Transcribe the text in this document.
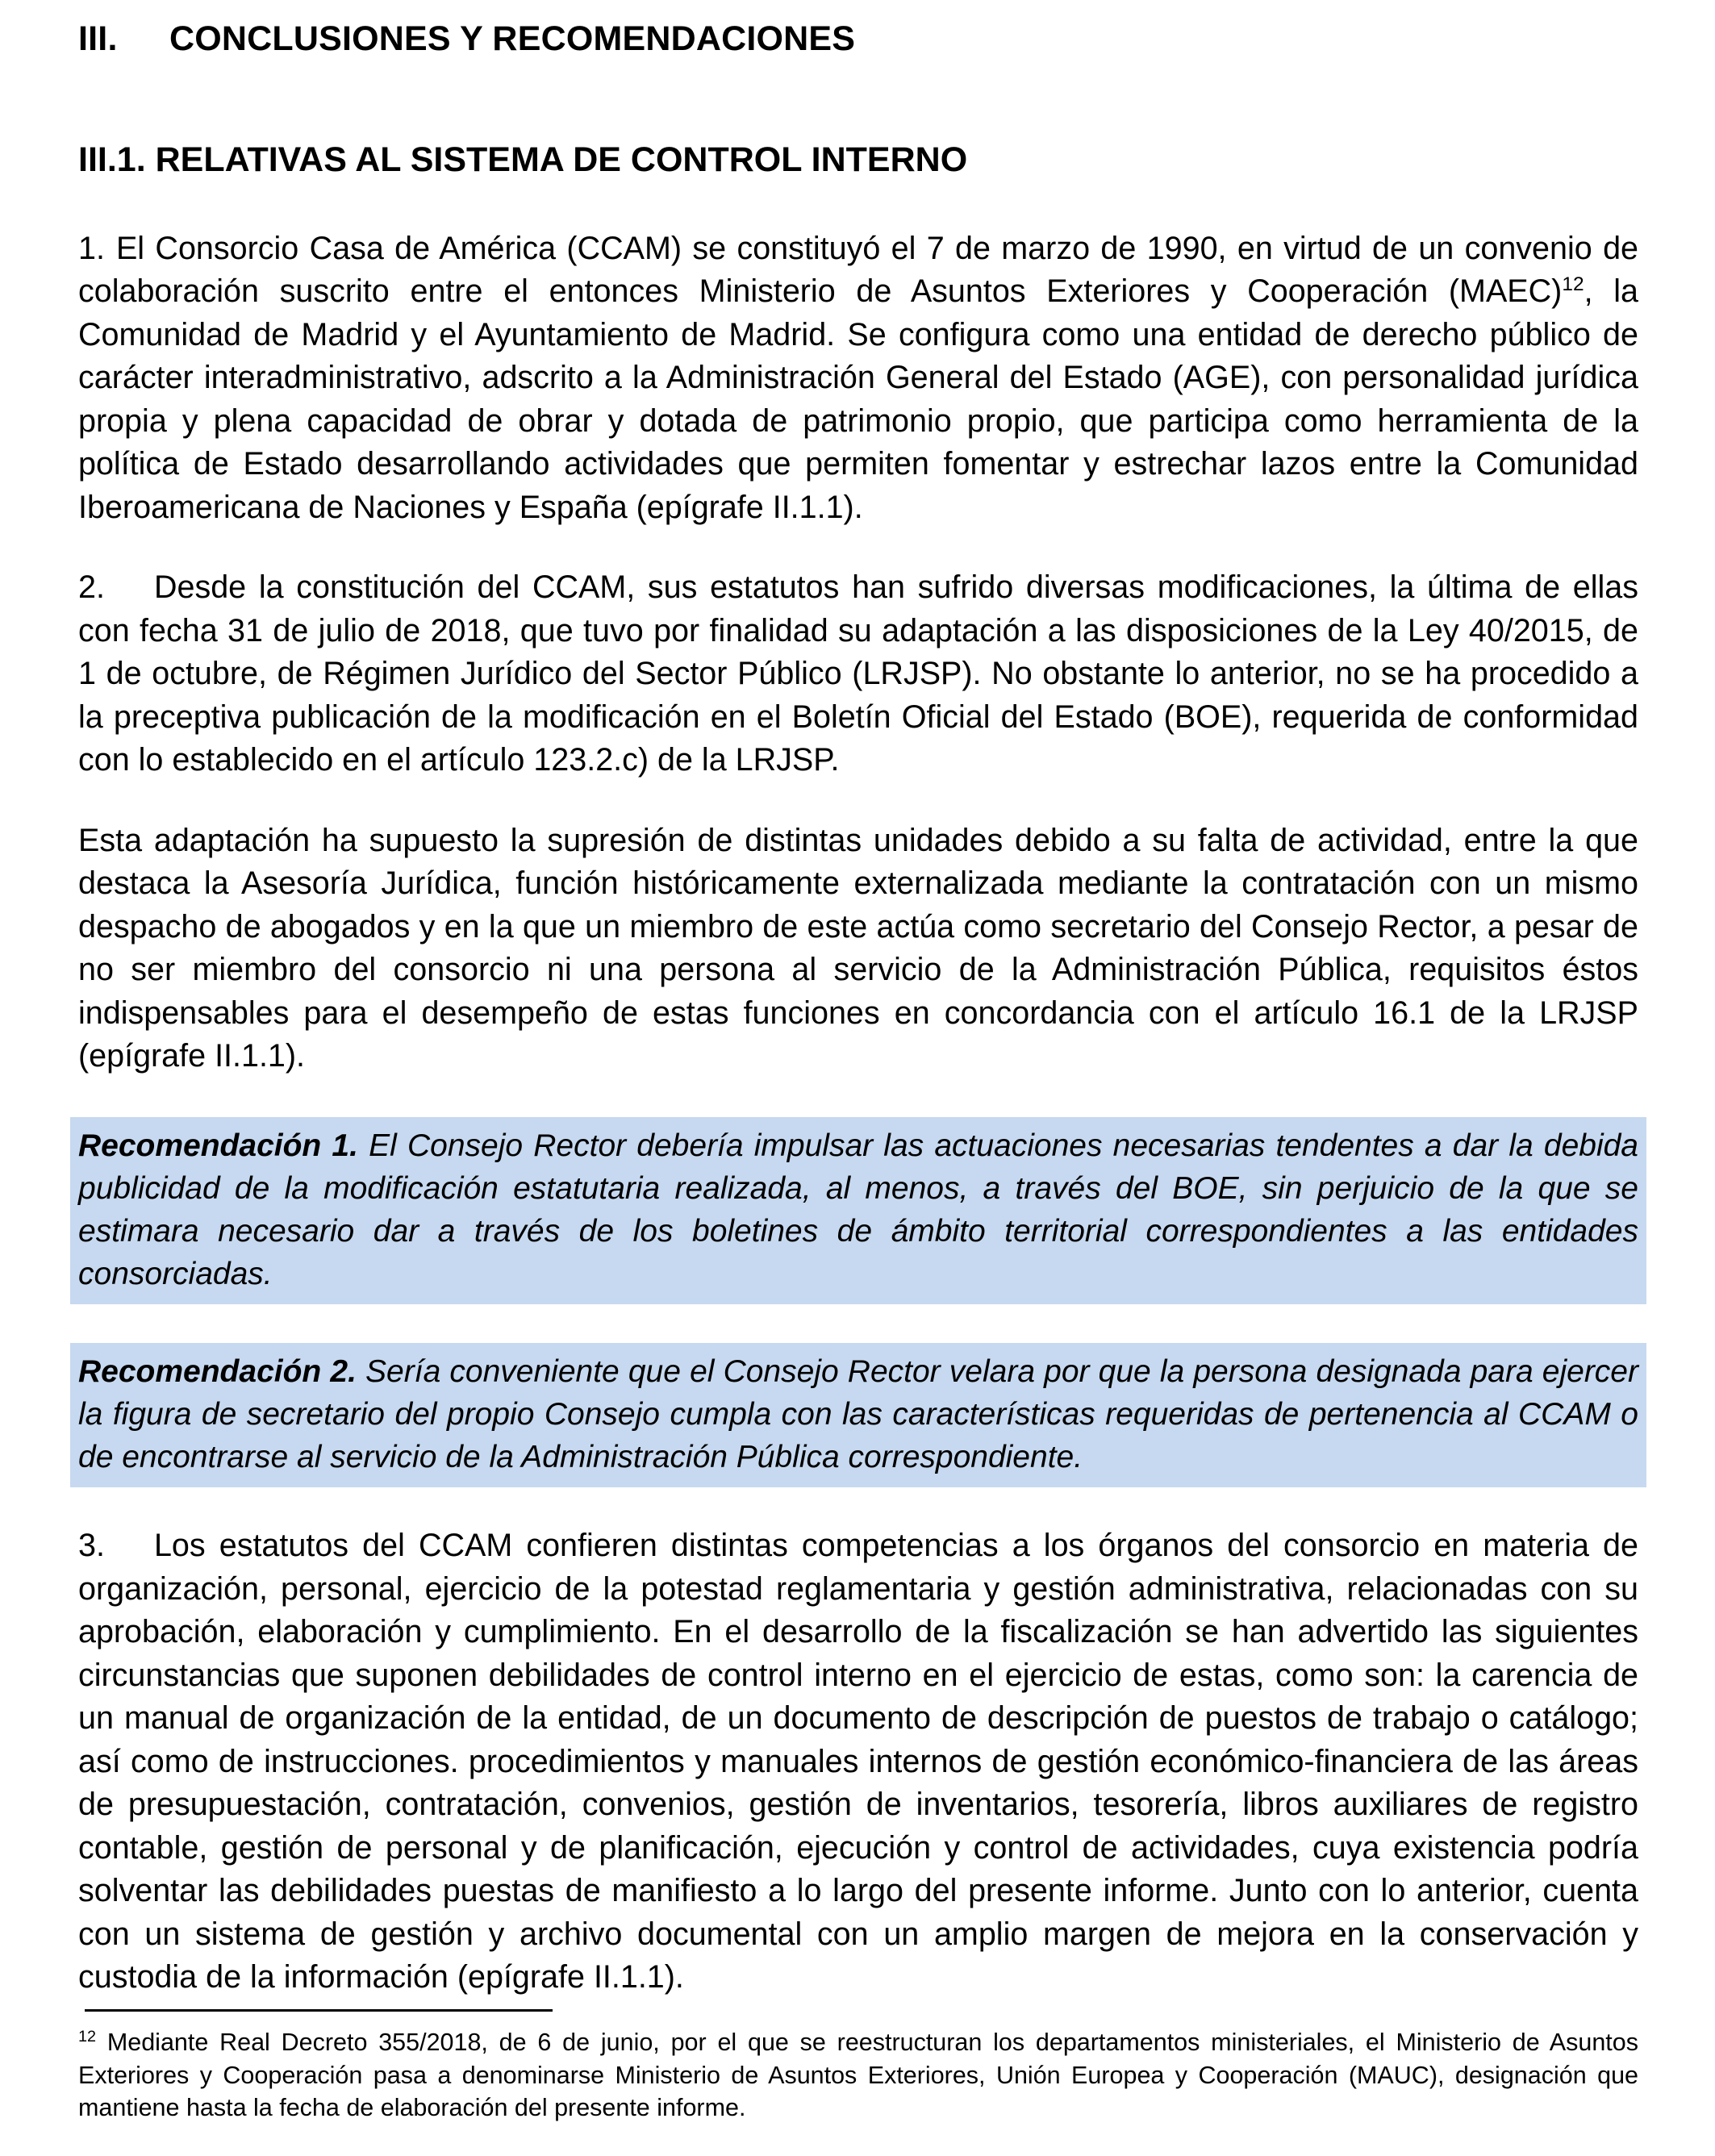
III. CONCLUSIONES Y RECOMENDACIONES
III.1. RELATIVAS AL SISTEMA DE CONTROL INTERNO

1. El Consorcio Casa de América (CCAM) se constituyó el 7 de marzo de 1990, en virtud de un convenio de colaboración suscrito entre el entonces Ministerio de Asuntos Exteriores y Cooperación (MAEC)$^{12}$, la Comunidad de Madrid y el Ayuntamiento de Madrid. Se configura como una entidad de derecho público de carácter interadministrativo, adscrito a la Administración General del Estado (AGE), con personalidad jurídica propia y plena capacidad de obrar y dotada de patrimonio propio, que participa como herramienta de la política de Estado desarrollando actividades que permiten fomentar y estrechar lazos entre la Comunidad Iberoamericana de Naciones y España (epígrafe II.1.1).

2. Desde la constitución del CCAM, sus estatutos han sufrido diversas modificaciones, la última de ellas con fecha 31 de julio de 2018, que tuvo por finalidad su adaptación a las disposiciones de la Ley 40/2015, de 1 de octubre, de Régimen Jurídico del Sector Público (LRJSP). No obstante lo anterior, no se ha procedido a la preceptiva publicación de la modificación en el Boletín Oficial del Estado (BOE), requerida de conformidad con lo establecido en el artículo 123.2.c) de la LRJSP.

Esta adaptación ha supuesto la supresión de distintas unidades debido a su falta de actividad, entre la que destaca la Asesoría Jurídica, función históricamente externalizada mediante la contratación con un mismo despacho de abogados y en la que un miembro de este actúa como secretario del Consejo Rector, a pesar de no ser miembro del consorcio ni una persona al servicio de la Administración Pública, requisitos éstos indispensables para el desempeño de estas funciones en concordancia con el artículo 16.1 de la LRJSP (epígrafe II.1.1).

Recomendación 1. El Consejo Rector debería impulsar las actuaciones necesarias tendentes a dar la debida publicidad de la modificación estatutaria realizada, al menos, a través del BOE, sin perjuicio de la que se estimara necesario dar a través de los boletines de ámbito territorial correspondientes a las entidades consorciadas.
Recomendación 2. Sería conveniente que el Consejo Rector velara por que la persona designada para ejercer la figura de secretario del propio Consejo cumpla con las características requeridas de pertenencia al CCAM o de encontrarse al servicio de la Administración Pública correspondiente.

3. Los estatutos del CCAM confieren distintas competencias a los órganos del consorcio en materia de organización, personal, ejercicio de la potestad reglamentaria y gestión administrativa, relacionadas con su aprobación, elaboración y cumplimiento. En el desarrollo de la fiscalización se han advertido las siguientes circunstancias que suponen debilidades de control interno en el ejercicio de estas, como son: la carencia de un manual de organización de la entidad, de un documento de descripción de puestos de trabajo o catálogo; así como de instrucciones. procedimientos y manuales internos de gestión económico-financiera de las áreas de presupuestación, contratación, convenios, gestión de inventarios, tesorería, libros auxiliares de registro contable, gestión de personal y de planificación, ejecución y control de actividades, cuya existencia podría solventar las debilidades puestas de manifiesto a lo largo del presente informe. Junto con lo anterior, cuenta con un sistema de gestión y archivo documental con un amplio margen de mejora en la conservación y custodia de la información (epígrafe II.1.1).

$^{12}$ Mediante Real Decreto 355/2018, de 6 de junio, por el que se reestructuran los departamentos ministeriales, el Ministerio de Asuntos Exteriores y Cooperación pasa a denominarse Ministerio de Asuntos Exteriores, Unión Europea y Cooperación (MAUC), designación que mantiene hasta la fecha de elaboración del presente informe.
